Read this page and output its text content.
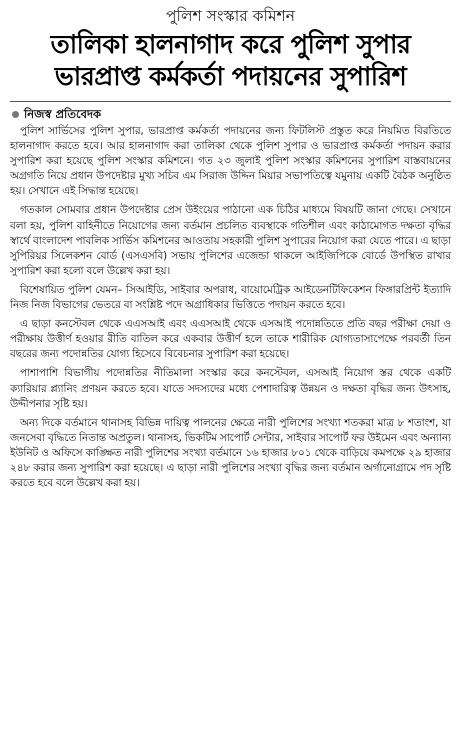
পুলিশ সংস্কার কমিশন
তালিকা হালনাগাদ করে পুলিশ সুপার
ভারপ্রাপ্ত কর্মকর্তা পদায়নের সুপারিশ
নিজস্ব প্রতিবেদক

পুলিশ সার্ভিসের পুলিশ সুপার, ভারপ্রাপ্ত কর্মকর্তা পদায়নের জন্য ফিটলিস্ট প্রস্তুত করে নিয়মিত বিরতিতে হালনাগাদ করতে হবে। আর হালনাগাদ করা তালিকা থেকে পুলিশ সুপার ও ভারপ্রাপ্ত কর্মকর্তা পদায়ন করার সুপারিশ করা হয়েছে পুলিশ সংস্কার কমিশনে। গত ২৩ জুলাই পুলিশ সংস্কার কমিশনের সুপারিশ বাস্তবায়নের অগ্রগতি নিয়ে প্রধান উপদেষ্টার মুখ্য সচিব এম সিরাজ উদ্দিন মিয়ার সভাপতিত্বে যমুনায় একটি বৈঠক অনুষ্ঠিত হয়। সেখানে এই সিদ্ধান্ত হয়েছে।

গতকাল সোমবার প্রধান উপদেষ্টার প্রেস উইংয়ের পাঠানো এক চিঠির মাধ্যমে বিষয়টি জানা গেছে। সেখানে বলা হয়, পুলিশ বাহিনীতে নিয়োগের জন্য বর্তমান প্রচলিত ব্যবস্থাকে গতিশীল এবং কাঠামোগত দক্ষতা বৃদ্ধির স্বার্থে বাংলাদেশ পাবলিক সার্ভিস কমিশনের আওতায় সহকারী পুলিশ সুপারের নিয়োগ করা যেতে পারে। এ ছাড়া সুপিরিয়র সিলেকশন বোর্ড (এসএসবি) সভায় পুলিশের এজেন্ডা থাকলে আইজিপিকে বোর্ডে উপস্থিত রাখার সুপারিশ করা হলো বলে উল্লেখ করা হয়।

বিশেষায়িত পুলিশ যেমন– সিআইডি, সাইবার অপরাধ, বায়োমেট্রিক আইডেনটিফিকেশন ফিঙ্গারপ্রিন্ট ইত্যাদি নিজ নিজ বিভাগের ভেতরে বা সংশ্লিষ্ট পদে অগ্রাধিকার ভিত্তিতে পদায়ন করতে হবে।

এ ছাড়া কনস্টেবল থেকে এএসআই এবং এএসআই থেকে এসআই পদোন্নতিতে প্রতি বছর পরীক্ষা দেয়া ও পরীক্ষায় উত্তীর্ণ হওয়ার রীতি বাতিল করে একবার উত্তীর্ণ হলে তাকে শারীরিক যোগ্যতাসাপেক্ষে পরবর্তী তিন বছরের জন্য পদোন্নতির যোগ্য হিসেবে বিবেচনার সুপারিশ করা হয়েছে।

পাশাপাশি বিভাগীয় পদোন্নতির নীতিমালা সংস্কার করে কনস্টেবল, এসআই নিয়োগ স্তর থেকে একটি ক্যারিয়ার প্ল্যানিং প্রণয়ন করতে হবে। যাতে সদস্যদের মধ্যে পেশাদারিত্ব উন্নয়ন ও দক্ষতা বৃদ্ধির জন্য উৎসাহ, উদ্দীপনার সৃষ্টি হয়।

অন্য দিকে বর্তমানে থানাসহ বিভিন্ন দায়িত্ব পালনের ক্ষেত্রে নারী পুলিশের সংখ্যা শতকরা মাত্র ৮ শতাংশ, যা জনসেবা বৃদ্ধিতে নিতান্ত অপ্রতুল। থানাসহ, ভিকটিম সাপোর্ট সেন্টার, সাইবার সাপোর্ট ফর উইমেন এবং অন্যান্য ইউনিট ও অফিসে কাঙ্ক্ষিত নারী পুলিশের সংখ্যা বর্তমানে ১৬ হাজার ৮০১ থেকে বাড়িয়ে কমপক্ষে ২৯ হাজার ২৪৮ করার জন্য সুপারিশ করা হয়েছে। এ ছাড়া নারী পুলিশের সংখ্যা বৃদ্ধির জন্য বর্তমান অর্গানোগ্রামে পদ সৃষ্টি করতে হবে বলে উল্লেখ করা হয়।
